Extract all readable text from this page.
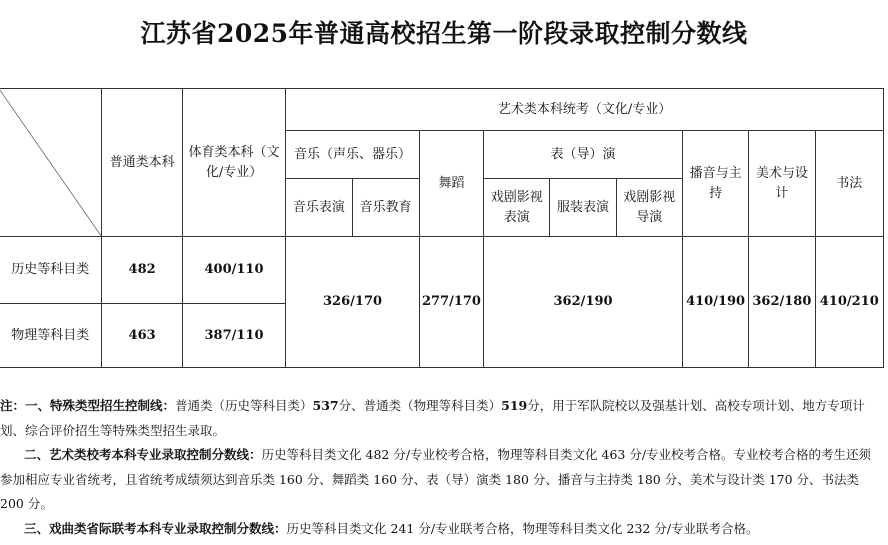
江苏省2025年普通高校招生第一阶段录取控制分数线
	普通类本科	体育类本科（文化/专业）	艺术类本科统考（文化/专业）								
			音乐（声乐、器乐）		舞蹈	表（导）演			播音与主持	美术与设计	书法
			音乐表演	音乐教育		戏剧影视表演	服装表演	戏剧影视导演			
历史等科目类	482	400/110	326/170		277/170	362/190			410/190	362/180	410/210
物理等科目类	463	387/110									

注：一、特殊类型招生控制线：普通类（历史等科目类）537分、普通类（物理等科目类）519分，用于军队院校以及强基计划、高校专项计划、地方专项计划、综合评价招生等特殊类型招生录取。

二、艺术类校考本科专业录取控制分数线：历史等科目类文化 482 分/专业校考合格，物理等科目类文化 463 分/专业校考合格。专业校考合格的考生还须参加相应专业省统考，且省统考成绩须达到音乐类 160 分、舞蹈类 160 分、表（导）演类 180 分、播音与主持类 180 分、美术与设计类 170 分、书法类 200 分。

三、戏曲类省际联考本科专业录取控制分数线：历史等科目类文化 241 分/专业联考合格，物理等科目类文化 232 分/专业联考合格。
